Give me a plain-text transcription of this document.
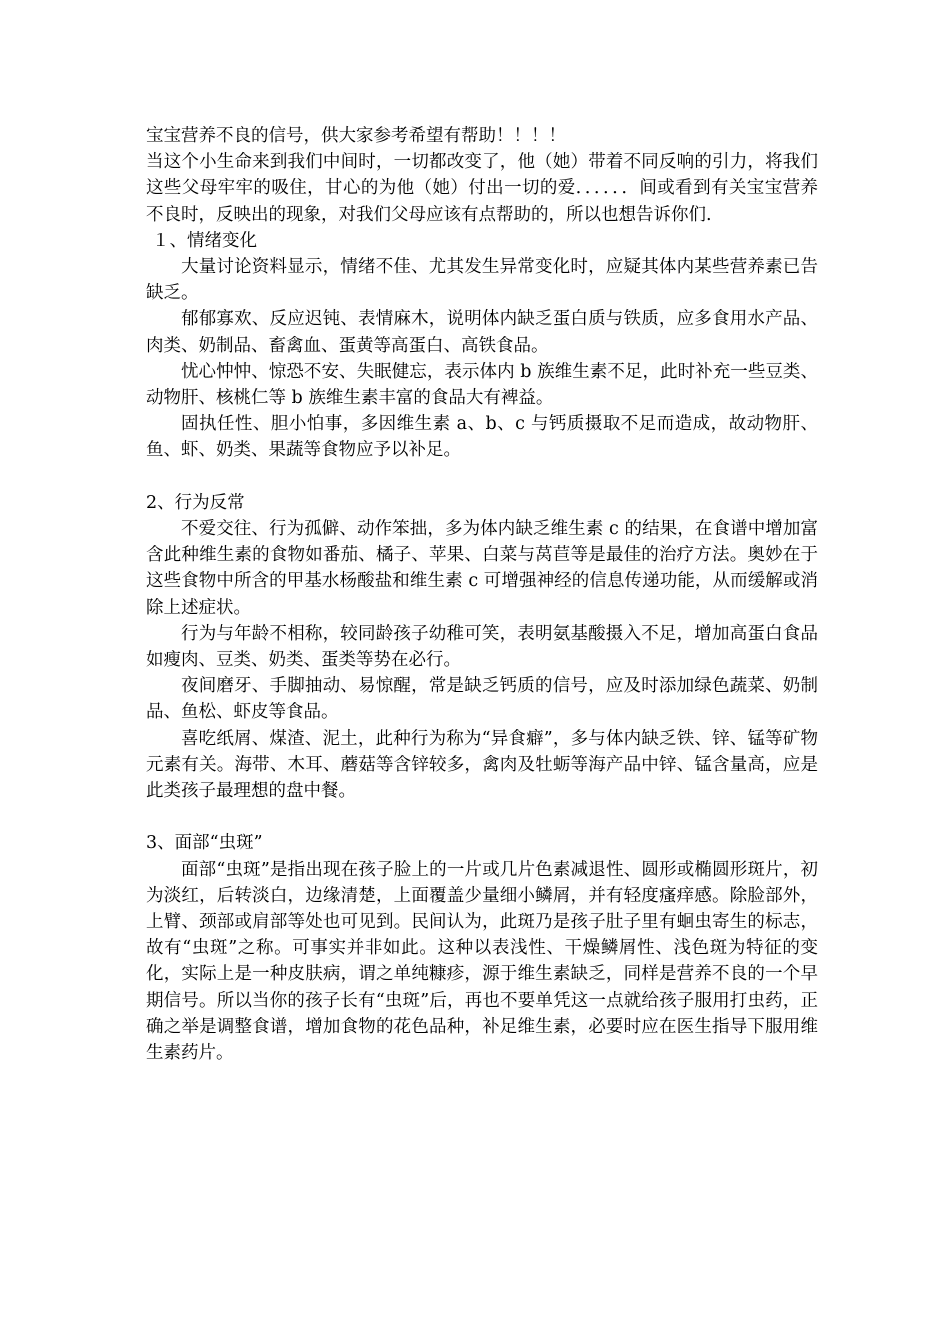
宝宝营养不良的信号，供大家参考希望有帮助！！！！

当这个小生命来到我们中间时，一切都改变了，他（她）带着不同反响的引力，将我们这些父母牢牢的吸住，甘心的为他（她）付出一切的爱．．．．．．间或看到有关宝宝营养不良时，反映出的现象，对我们父母应该有点帮助的，所以也想告诉你们.

１、情绪变化

大量讨论资料显示，情绪不佳、尤其发生异常变化时，应疑其体内某些营养素已告缺乏。

郁郁寡欢、反应迟钝、表情麻木，说明体内缺乏蛋白质与铁质，应多食用水产品、肉类、奶制品、畜禽血、蛋黄等高蛋白、高铁食品。

忧心忡忡、惊恐不安、失眠健忘，表示体内 b 族维生素不足，此时补充一些豆类、动物肝、核桃仁等 b 族维生素丰富的食品大有裨益。

固执任性、胆小怕事，多因维生素 a、b、c 与钙质摄取不足而造成，故动物肝、鱼、虾、奶类、果蔬等食物应予以补足。

2、行为反常

不爱交往、行为孤僻、动作笨拙，多为体内缺乏维生素 c 的结果，在食谱中增加富含此种维生素的食物如番茄、橘子、苹果、白菜与莴苣等是最佳的治疗方法。奥妙在于这些食物中所含的甲基水杨酸盐和维生素 c 可增强神经的信息传递功能，从而缓解或消除上述症状。

行为与年龄不相称，较同龄孩子幼稚可笑，表明氨基酸摄入不足，增加高蛋白食品如瘦肉、豆类、奶类、蛋类等势在必行。

夜间磨牙、手脚抽动、易惊醒，常是缺乏钙质的信号，应及时添加绿色蔬菜、奶制品、鱼松、虾皮等食品。

喜吃纸屑、煤渣、泥土，此种行为称为“异食癖”，多与体内缺乏铁、锌、锰等矿物元素有关。海带、木耳、蘑菇等含锌较多，禽肉及牡蛎等海产品中锌、锰含量高，应是此类孩子最理想的盘中餐。

3、面部“虫斑”

面部“虫斑”是指出现在孩子脸上的一片或几片色素减退性、圆形或椭圆形斑片，初为淡红，后转淡白，边缘清楚，上面覆盖少量细小鳞屑，并有轻度瘙痒感。除脸部外，上臂、颈部或肩部等处也可见到。民间认为，此斑乃是孩子肚子里有蛔虫寄生的标志，故有“虫斑”之称。可事实并非如此。这种以表浅性、干燥鳞屑性、浅色斑为特征的变化，实际上是一种皮肤病，谓之单纯糠疹，源于维生素缺乏，同样是营养不良的一个早期信号。所以当你的孩子长有“虫斑”后，再也不要单凭这一点就给孩子服用打虫药，正确之举是调整食谱，增加食物的花色品种，补足维生素，必要时应在医生指导下服用维生素药片。
